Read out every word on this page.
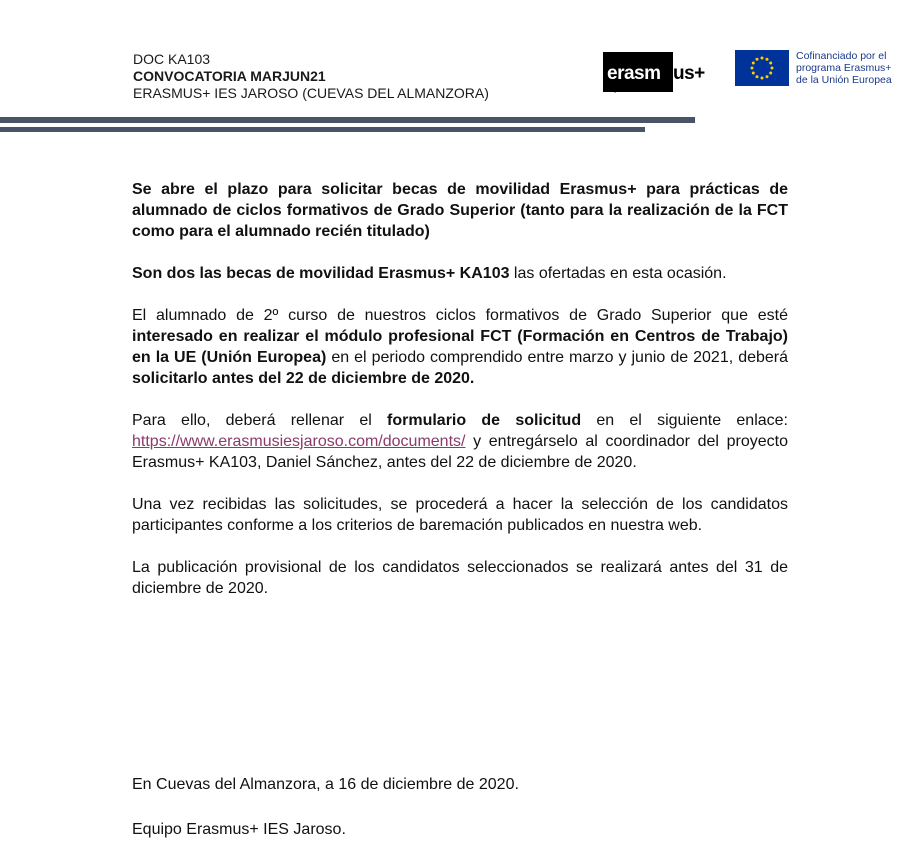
DOC KA103
CONVOCATORIA MARJUN21
ERASMUS+ IES JAROSO (CUEVAS DEL ALMANZORA)
erasm us+
ies.jaroso
Cofinanciado por el
programa Erasmus+
de la Unión Europea

Se abre el plazo para solicitar becas de movilidad Erasmus+ para prácticas de alumnado de ciclos formativos de Grado Superior (tanto para la realización de la FCT como para el alumnado recién titulado)

Son dos las becas de movilidad Erasmus+ KA103 las ofertadas en esta ocasión.

El alumnado de 2º curso de nuestros ciclos formativos de Grado Superior que esté interesado en realizar el módulo profesional FCT (Formación en Centros de Trabajo) en la UE (Unión Europea) en el periodo comprendido entre marzo y junio de 2021, deberá solicitarlo antes del 22 de diciembre de 2020.

Para ello, deberá rellenar el formulario de solicitud en el siguiente enlace: https://www.erasmusiesjaroso.com/documents/ y entregárselo al coordinador del proyecto Erasmus+ KA103, Daniel Sánchez, antes del 22 de diciembre de 2020.

Una vez recibidas las solicitudes, se procederá a hacer la selección de los candidatos participantes conforme a los criterios de baremación publicados en nuestra web.

La publicación provisional de los candidatos seleccionados se realizará antes del 31 de diciembre de 2020.

En Cuevas del Almanzora, a 16 de diciembre de 2020.

Equipo Erasmus+ IES Jaroso.
